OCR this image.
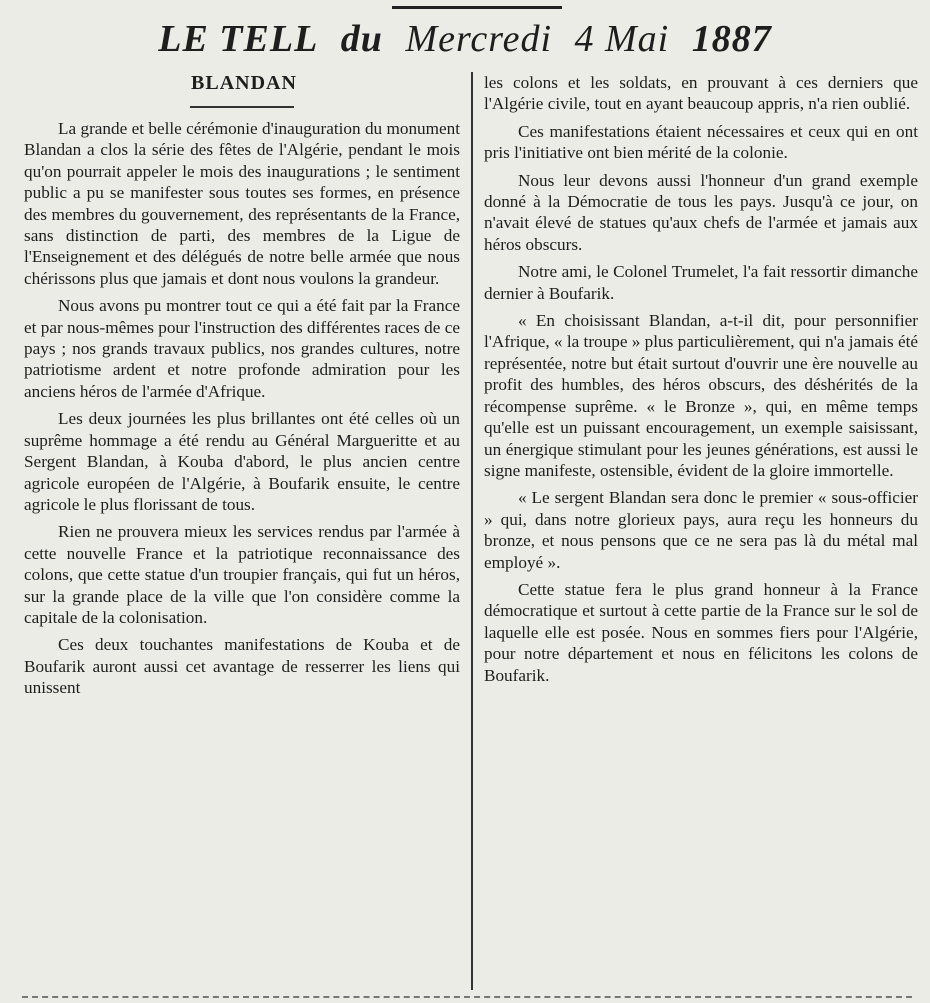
LE TELL du Mercredi 4 Mai 1887
BLANDAN

La grande et belle cérémonie d'inauguration du monument Blandan a clos la série des fêtes de l'Algérie, pendant le mois qu'on pourrait appeler le mois des inaugurations ; le sentiment public a pu se manifester sous toutes ses formes, en présence des membres du gouvernement, des représentants de la France, sans distinction de parti, des membres de la Ligue de l'Enseignement et des délégués de notre belle armée que nous chérissons plus que jamais et dont nous voulons la grandeur.

Nous avons pu montrer tout ce qui a été fait par la France et par nous-mêmes pour l'instruction des différentes races de ce pays ; nos grands travaux publics, nos grandes cultures, notre patriotisme ardent et notre profonde admiration pour les anciens héros de l'armée d'Afrique.

Les deux journées les plus brillantes ont été celles où un suprême hommage a été rendu au Général Margueritte et au Sergent Blandan, à Kouba d'abord, le plus ancien centre agricole européen de l'Algérie, à Boufarik ensuite, le centre agricole le plus florissant de tous.

Rien ne prouvera mieux les services rendus par l'armée à cette nouvelle France et la patriotique reconnaissance des colons, que cette statue d'un troupier français, qui fut un héros, sur la grande place de la ville que l'on considère comme la capitale de la colonisation.

Ces deux touchantes manifestations de Kouba et de Boufarik auront aussi cet avantage de resserrer les liens qui unissent

les colons et les soldats, en prouvant à ces derniers que l'Algérie civile, tout en ayant beaucoup appris, n'a rien oublié.

Ces manifestations étaient nécessaires et ceux qui en ont pris l'initiative ont bien mérité de la colonie.

Nous leur devons aussi l'honneur d'un grand exemple donné à la Démocratie de tous les pays. Jusqu'à ce jour, on n'avait élevé de statues qu'aux chefs de l'armée et jamais aux héros obscurs.

Notre ami, le Colonel Trumelet, l'a fait ressortir dimanche dernier à Boufarik.

« En choisissant Blandan, a-t-il dit, pour personnifier l'Afrique, « la troupe » plus particulièrement, qui n'a jamais été représentée, notre but était surtout d'ouvrir une ère nouvelle au profit des humbles, des héros obscurs, des déshérités de la récompense suprême. « le Bronze », qui, en même temps qu'elle est un puissant encouragement, un exemple saisissant, un énergique stimulant pour les jeunes générations, est aussi le signe manifeste, ostensible, évident de la gloire immortelle.

« Le sergent Blandan sera donc le premier « sous-officier » qui, dans notre glorieux pays, aura reçu les honneurs du bronze, et nous pensons que ce ne sera pas là du métal mal employé ».

Cette statue fera le plus grand honneur à la France démocratique et surtout à cette partie de la France sur le sol de laquelle elle est posée. Nous en sommes fiers pour l'Algérie, pour notre département et nous en félicitons les colons de Boufarik.
